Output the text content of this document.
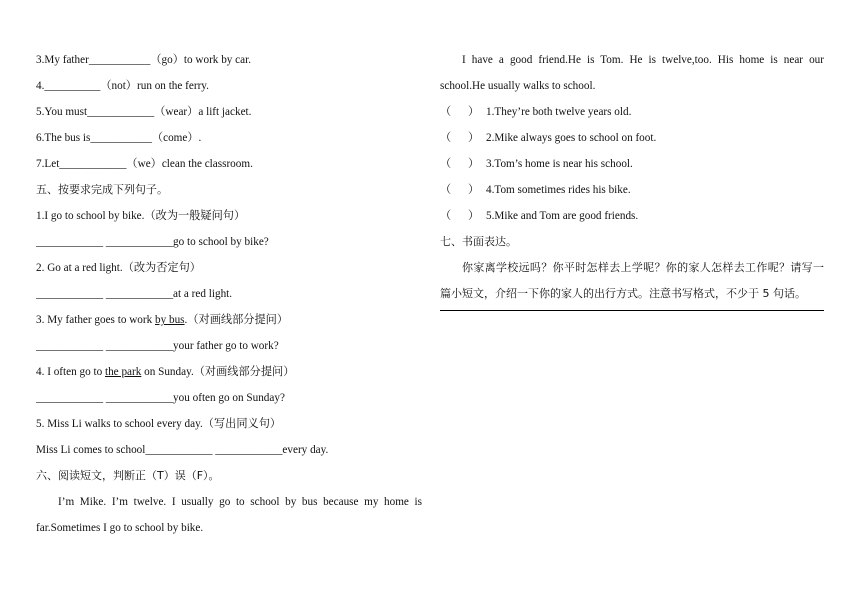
3.My father___________（go）to work by car.
4.__________（not）run on the ferry.
5.You must____________（wear）a lift jacket.
6.The bus is___________（come）.
7.Let____________（we）clean the classroom.
五、按要求完成下列句子。
1.I go to school by bike.（改为一般疑问句）
____________ ____________go to school by bike?
2. Go at a red light.（改为否定句）
____________ ____________at a red light.
3. My father goes to work by bus.（对画线部分提问）
____________ ____________your father go to work?
4. I often go to the park on Sunday.（对画线部分提问）
____________ ____________you often go on Sunday?
5. Miss Li walks to school every day.（写出同义句）
Miss Li comes to school____________ ____________every day.
六、阅读短文，判断正（T）误（F）。
I’m Mike. I’m twelve. I usually go to school by bus because my home is far.Sometimes I go to school by bike.
I have a good friend.He is Tom. He is twelve,too. His home is near our school.He usually walks to school.
（   ） 1.They’re both twelve years old.
（   ） 2.Mike always goes to school on foot.
（   ） 3.Tom’s home is near his school.
（   ） 4.Tom sometimes rides his bike.
（   ） 5.Mike and Tom are good friends.
七、书面表达。
你家离学校远吗？你平时怎样去上学呢？你的家人怎样去工作呢？请写一篇小短文，介绍一下你的家人的出行方式。注意书写格式，不少于 5 句话。
